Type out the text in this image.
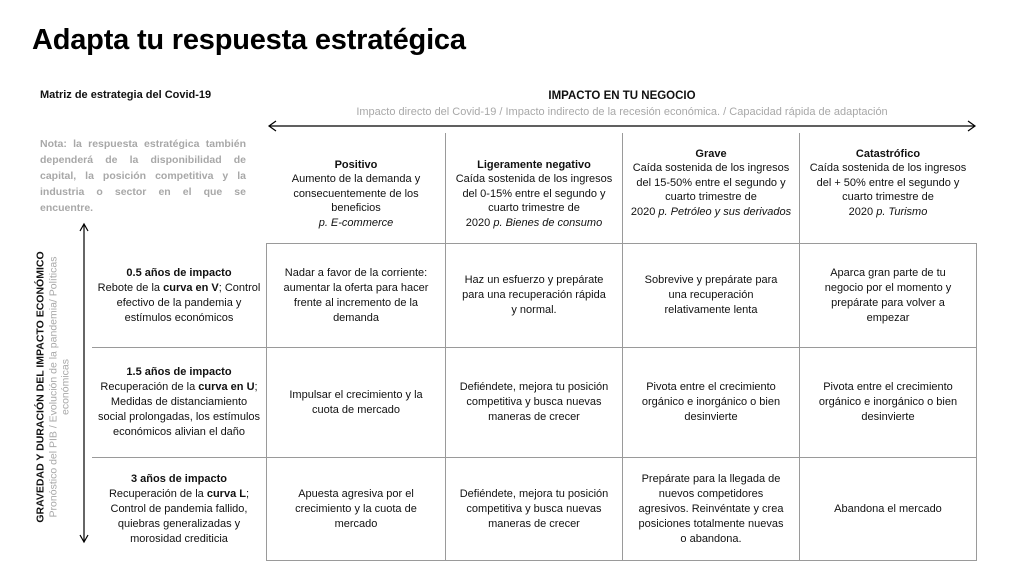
Adapta tu respuesta estratégica
Matriz de estrategia del Covid-19
Nota: la respuesta estratégica también dependerá de la disponibilidad de capital, la posición competitiva y la industria o sector en el que se encuentre.
IMPACTO EN TU NEGOCIO
Impacto directo del Covid-19 / Impacto indirecto de la recesión económica. / Capacidad rápida de adaptación
GRAVEDAD Y DURACIÓN DEL IMPACTO ECONÓMICO Pronóstico del PIB / Evolución de la pandemia/ Políticas económicas
Positivo
Aumento de la demanda y consecuentemente de los beneficios
p. E-commerce
Ligeramente negativo
Caída sostenida de los ingresos del 0-15% entre el segundo y cuarto trimestre de
2020 p. Bienes de consumo
Grave
Caída sostenida de los ingresos del 15-50% entre el segundo y cuarto trimestre de
2020 p. Petróleo y sus derivados
Catastrófico
Caída sostenida de los ingresos del + 50% entre el segundo y cuarto trimestre de
2020 p. Turismo
0.5 años de impacto
Rebote de la curva en V; Control efectivo de la pandemia y estímulos económicos
1.5 años de impacto
Recuperación de la curva en U; Medidas de distanciamiento social prolongadas, los estímulos económicos alivian el daño
3 años de impacto
Recuperación de la curva L; Control de pandemia fallido, quiebras generalizadas y morosidad crediticia
Nadar a favor de la corriente: aumentar la oferta para hacer frente al incremento de la demanda
Haz un esfuerzo y prepárate para una recuperación rápida y normal.
Sobrevive y prepárate para una recuperación relativamente lenta
Aparca gran parte de tu negocio por el momento y prepárate para volver a empezar
Impulsar el crecimiento y la cuota de mercado
Defiéndete, mejora tu posición competitiva y busca nuevas maneras de crecer
Pivota entre el crecimiento orgánico e inorgánico o bien desinvierte
Pivota entre el crecimiento orgánico e inorgánico o bien desinvierte
Apuesta agresiva por el crecimiento y la cuota de mercado
Defiéndete, mejora tu posición competitiva y busca nuevas maneras de crecer
Prepárate para la llegada de nuevos competidores agresivos. Reinvéntate y crea posiciones totalmente nuevas o abandona.
Abandona el mercado
